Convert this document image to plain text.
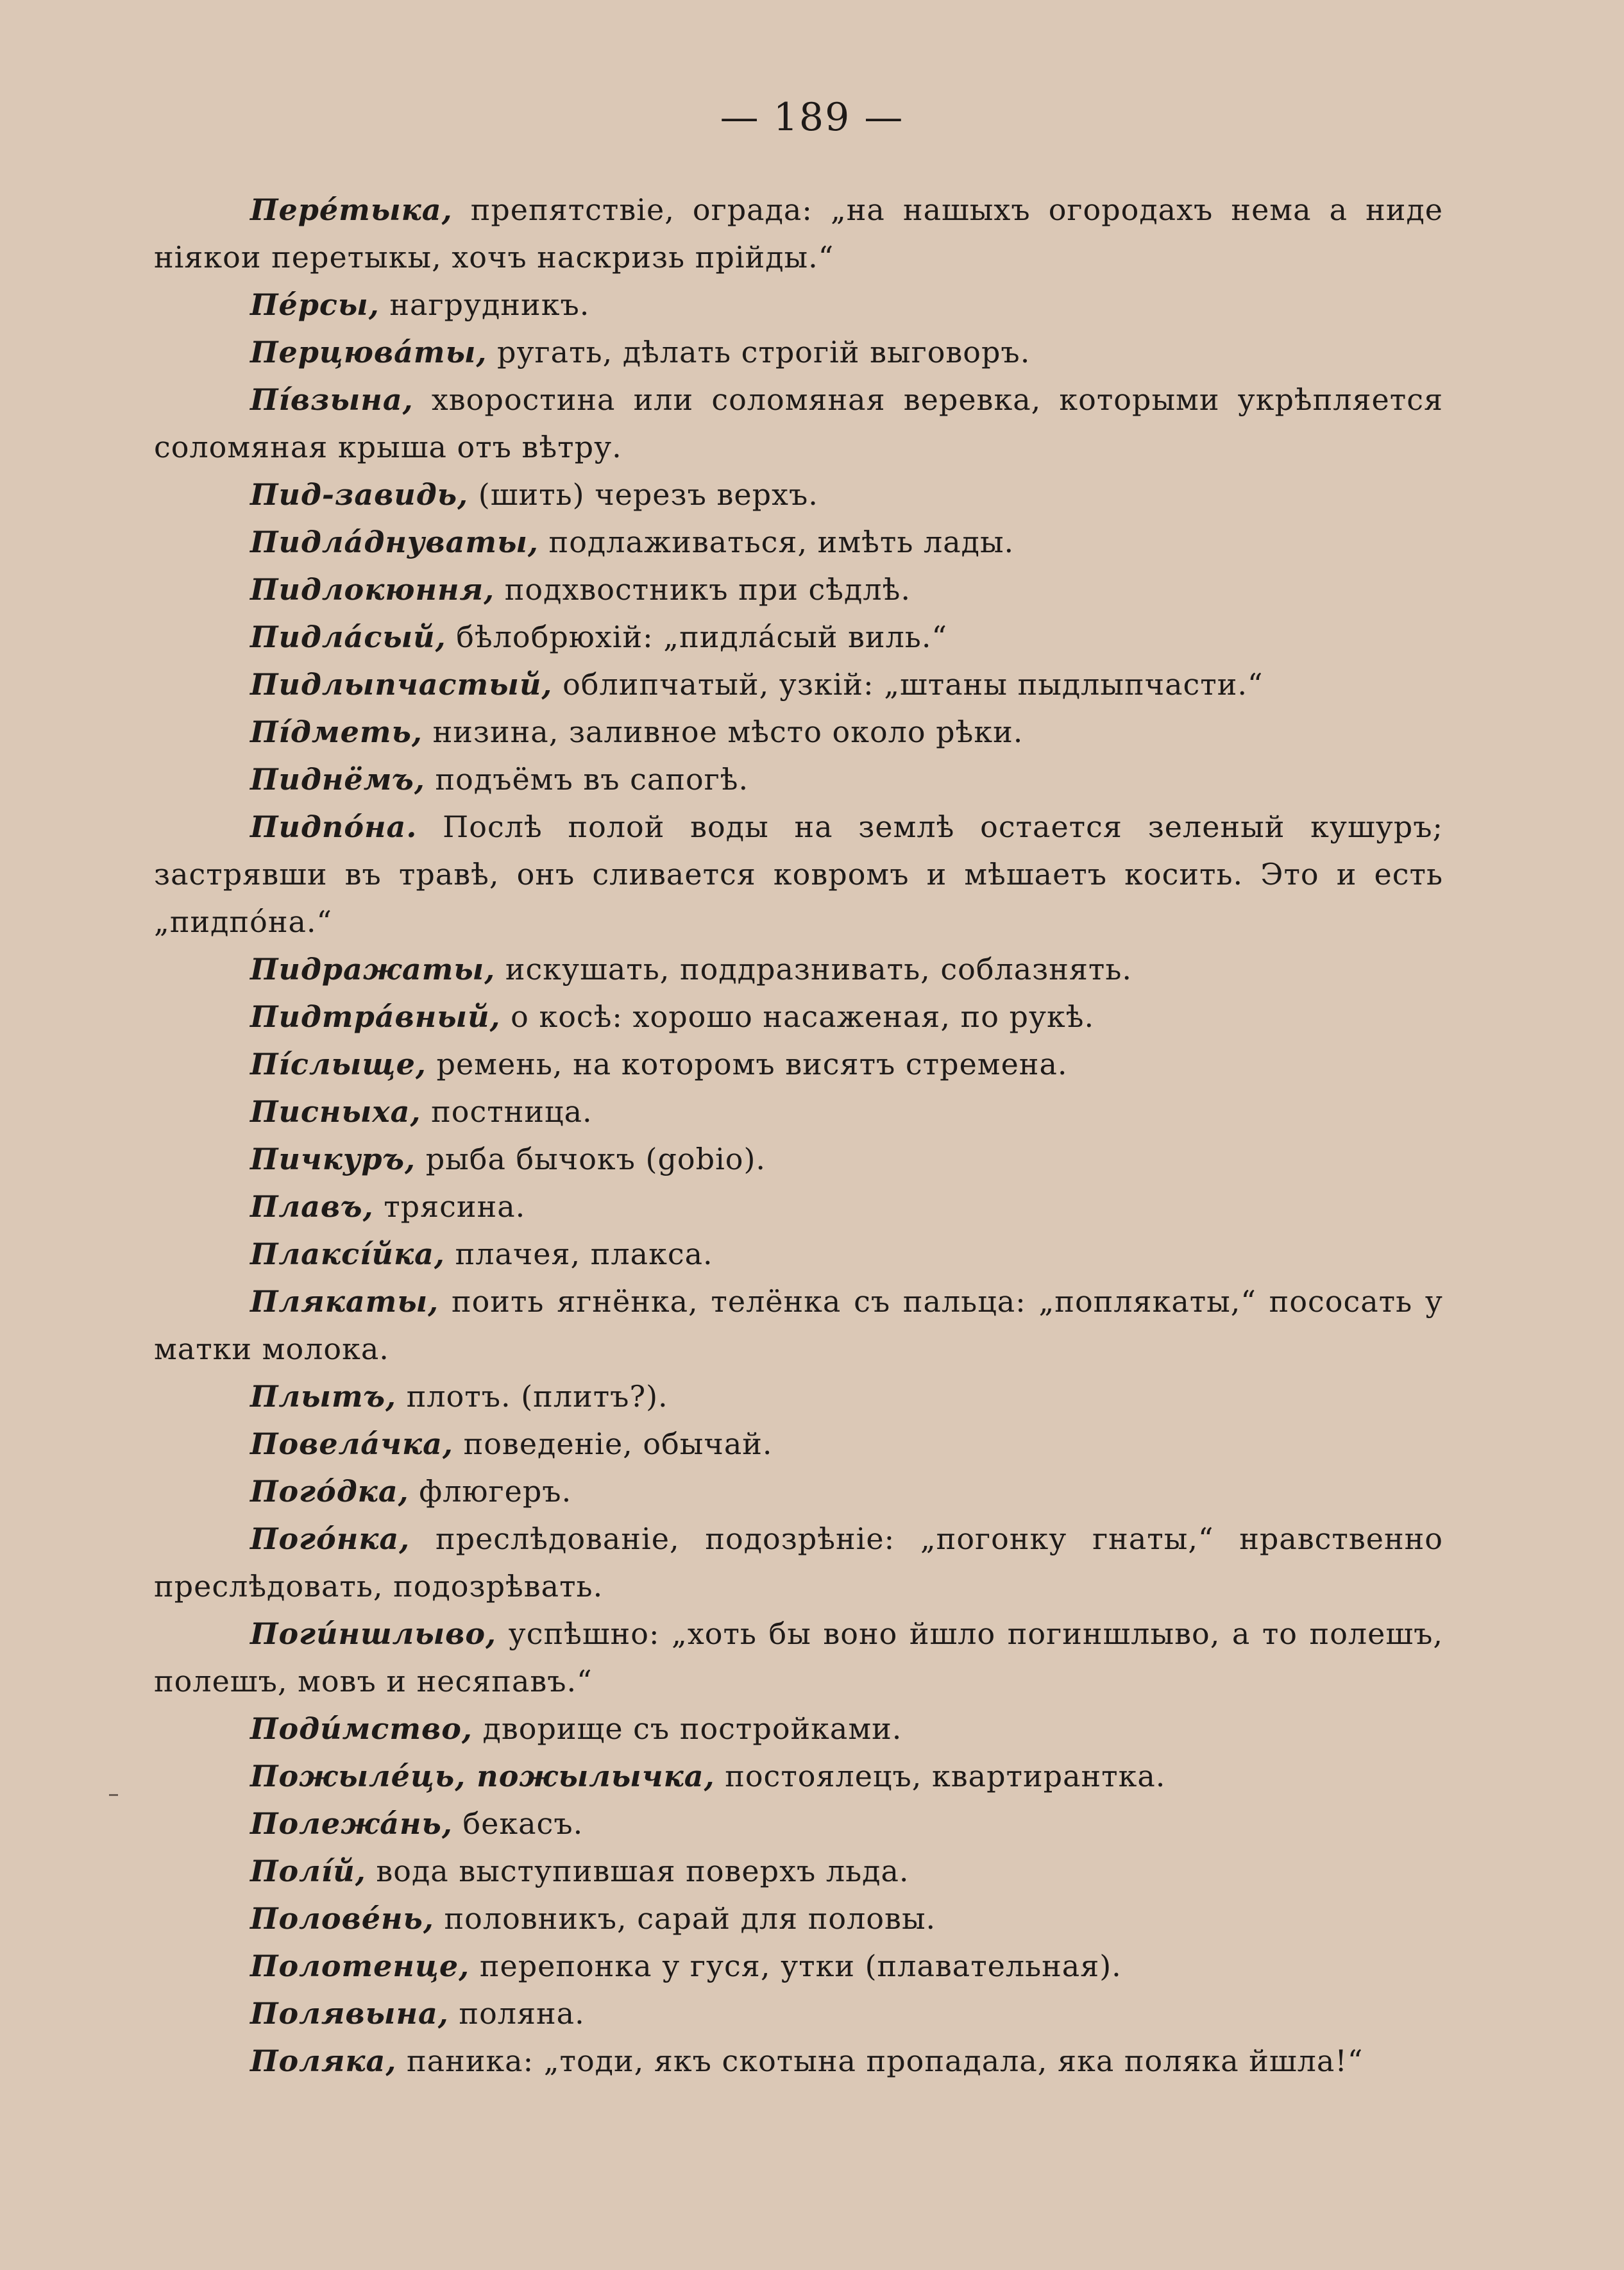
— 189 —

Перéтыка, препятствіе, ограда: „на нашыхъ огородахъ нема а ниде ніякои перетыкы, хочъ наскризь прійды.“

Пéрсы, нагрудникъ.

Перцювáты, ругать, дѣлать строгій выговоръ.

Пíвзына, хворостина или соломяная веревка, которыми укрѣпляется соломяная крыша отъ вѣтру.

Пид-завидь, (шить) черезъ верхъ.

Пидлáднуваты, подлаживаться, имѣть лады.

Пидлокюння, подхвостникъ при сѣдлѣ.

Пидлáсый, бѣлобрюхій: „пидлáсый виль.“

Пидлыпчастый, облипчатый, узкій: „штаны пыдлыпчасти.“

Пíдметь, низина, заливное мѣсто около рѣки.

Пиднёмъ, подъёмъ въ сапогѣ.

Пидпóна. Послѣ полой воды на землѣ остается зеленый кушуръ; застрявши въ травѣ, онъ сливается ковромъ и мѣшаетъ косить. Это и есть „пидпóна.“

Пидражаты, искушать, поддразнивать, соблазнять.

Пидтрáвный, о косѣ: хорошо насаженая, по рукѣ.

Пíслыще, ремень, на которомъ висятъ стремена.

Писныха, постница.

Пичкуръ, рыба бычокъ (gobio).

Плавъ, трясина.

Плаксíйка, плачея, плакса.

Плякаты, поить ягнёнка, телёнка съ пальца: „поплякаты,“ пососать у матки молока.

Плытъ, плотъ. (плитъ?).

Повелáчка, поведеніе, обычай.

Погóдка, флюгеръ.

Погóнка, преслѣдованіе, подозрѣніе: „погонку гнаты,“ нравственно преслѣдовать, подозрѣвать.

Погúншлыво, успѣшно: „хоть бы воно йшло погиншлыво, а то полешъ, полешъ, мовъ и несяпавъ.“

Подúмство, дворище съ постройками.

Пожылéць, пожылычка, постоялецъ, квартирантка.

Полежáнь, бекасъ.

Полíй, вода выступившая поверхъ льда.

Половéнь, половникъ, сарай для половы.

Полотенце, перепонка у гуся, утки (плавательная).

Полявына, поляна.

Поляка, паника: „тоди, якъ скотына пропадала, яка поляка йшла!“
